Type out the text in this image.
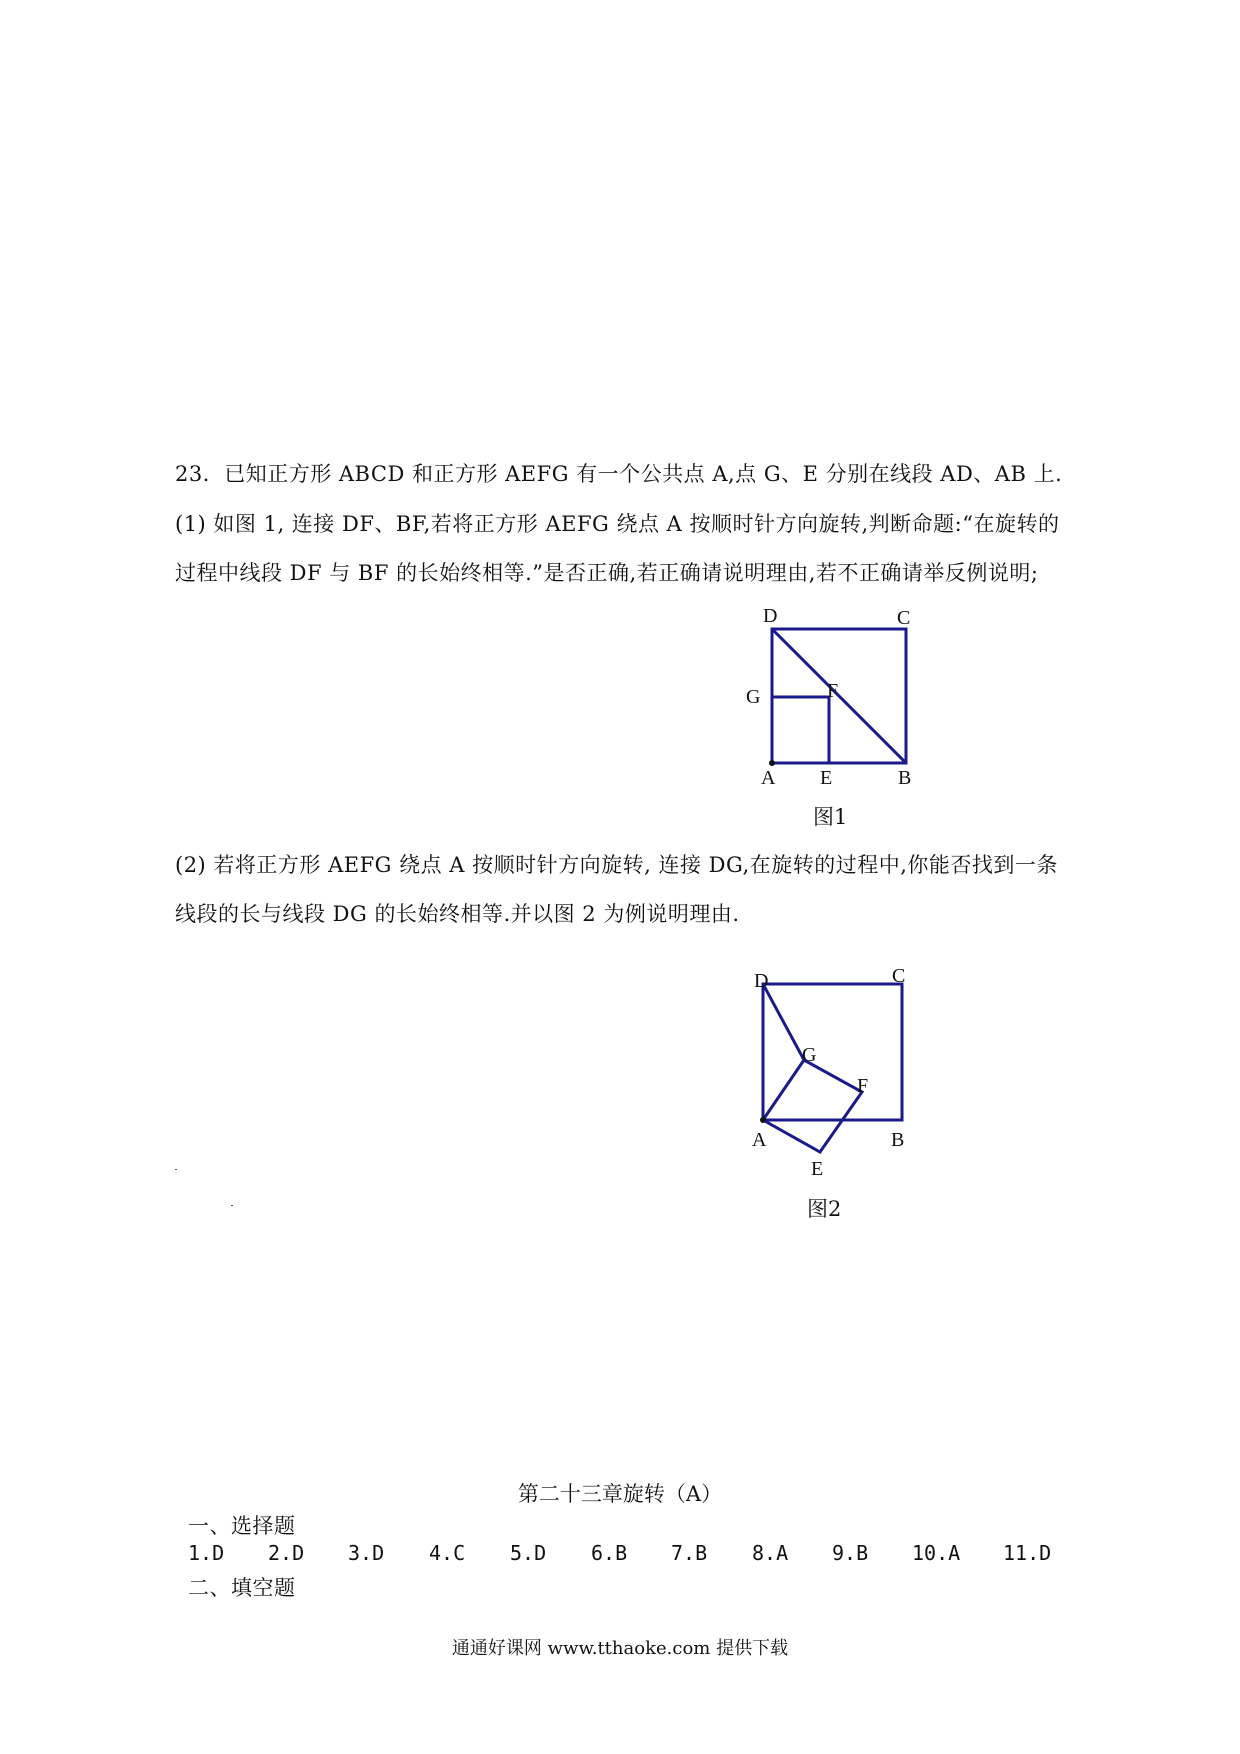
23．已知正方形 ABCD 和正方形 AEFG 有一个公共点 A,点 G、E 分别在线段 AD、AB 上.
(1) 如图 1, 连接 DF、BF,若将正方形 AEFG 绕点 A 按顺时针方向旋转,判断命题:“在旋转的
过程中线段 DF 与 BF 的长始终相等.”是否正确,若正确请说明理由,若不正确请举反例说明;
D	C
G	F
A E	B
图1
(2) 若将正方形 AEFG 绕点 A 按顺时针方向旋转, 连接 DG,在旋转的过程中,你能否找到一条
线段的长与线段 DG 的长始终相等.并以图 2 为例说明理由.
D	C
G
F
A	B
E
图2
第二十三章旋转（A）
一、选择题
1.D 2.D 3.D 4.C 5.D 6.B 7.B 8.A 9.B 10.A 11.D
二、填空题
通通好课网 www.tthaoke.com 提供下载
